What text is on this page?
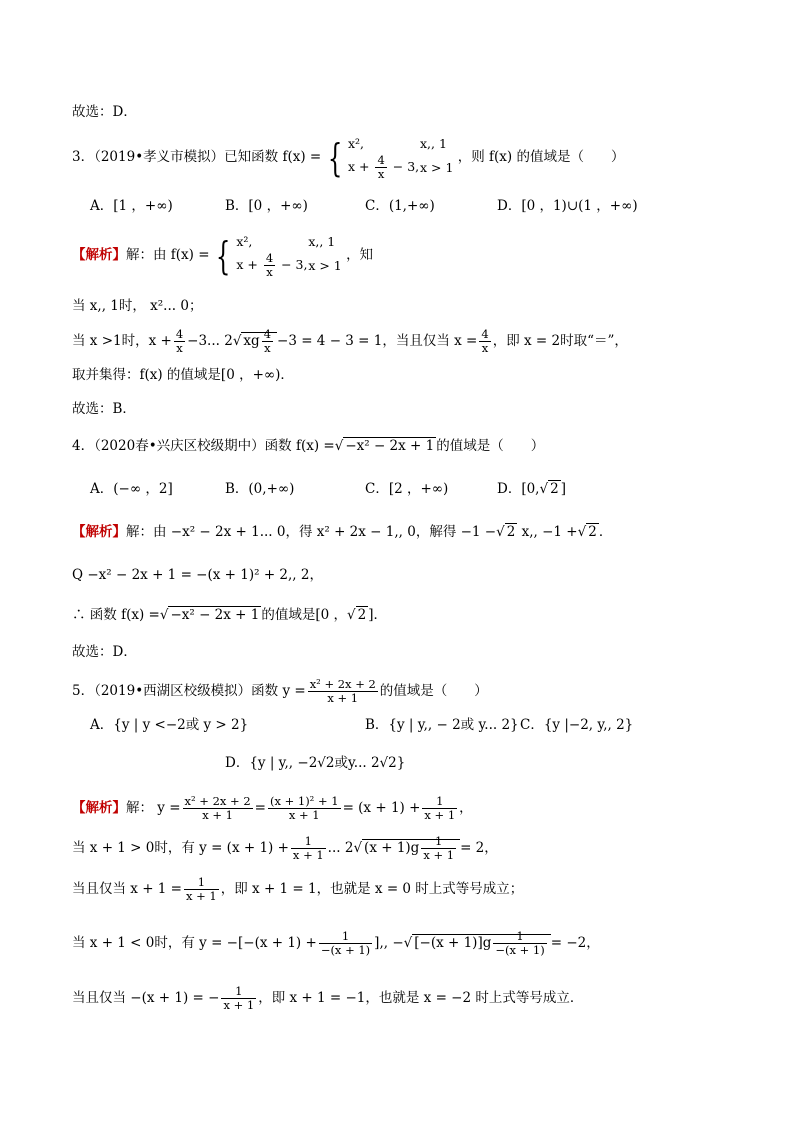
故选：D．
3．（2019•孝义市模拟）已知函数 f(x) = { x²,	x,, 1
$x + \frac{4}{x} - 3$, x > 1
，则 f(x) 的值域是（　　）
A．[1 ，+∞)	B．[0 ，+∞)	C．(1,+∞)	D．[0 ，1)∪(1 ，+∞)
【解析】解：由 f(x) = { x²,	x,, 1
$x + \frac{4}{x} - 3$, x > 1
，知
当 x,, 1时， x²... 0；
当 x >1时，$x + \frac{4}{x} -3$... 2√ xg $\frac{4}{x} -3 = 4 - 3 = 1$，当且仅当 $x = \frac{4}{x}$ ，即 x = 2时取“＝”，
取并集得：f(x) 的值域是[0 ，+∞)．
故选：B．
4．（2020春•兴庆区校级期中）函数 f(x) =√ −x² − 2x + 1 的值域是（　　）
A．(−∞ ，2]	B．(0,+∞)	C．[2 ，+∞)	D．[0,√ 2 ]
【解析】解：由 −x² − 2x + 1... 0，得 x² + 2x − 1,, 0，解得 −1 −√ 2 x,, −1 +√ 2 ．
Q −x² − 2x + 1 = −(x + 1)² + 2,, 2，
∴ 函数 f(x) =√ −x² − 2x + 1 的值域是[0 ，√ 2 ]．
故选：D．
5．（2019•西湖区校级模拟）函数 $y = \frac{\text{x² + 2x + 2}}{x + 1}$ 的值域是（　　）
A．{y | y <−2或 y > 2}	B．{y | y,, − 2或 y... 2} C．{y |−2, y,, 2}
D．{y | y,, −2√2或y... 2√2}
【解析】解： $y = \frac{\text{x² + 2x + 2}}{x + 1} = \frac{\text{(x + 1)² + 1}}{x + 1} = (x + 1) + \frac{1}{x + 1}$ ，
当 x + 1 > 0时，有 $y = (x + 1) + \frac{1}{x + 1}$ ... 2√ $(x + 1)g \frac{1}{x + 1} = 2$，
当且仅当 $x + 1 = \frac{1}{x + 1}$ ，即 x + 1 = 1，也就是 x = 0 时上式等号成立；
当 x + 1 < 0时，有 $y = -[-(x + 1) + \frac{1}{-(x + 1)}$ ],, −√ $[-(x + 1)]g \frac{1}{-(x + 1)} = -2$，
当且仅当 −(x + 1) = − $\frac{1}{x + 1}$ ，即 x + 1 = −1，也就是 x = −2 时上式等号成立．
